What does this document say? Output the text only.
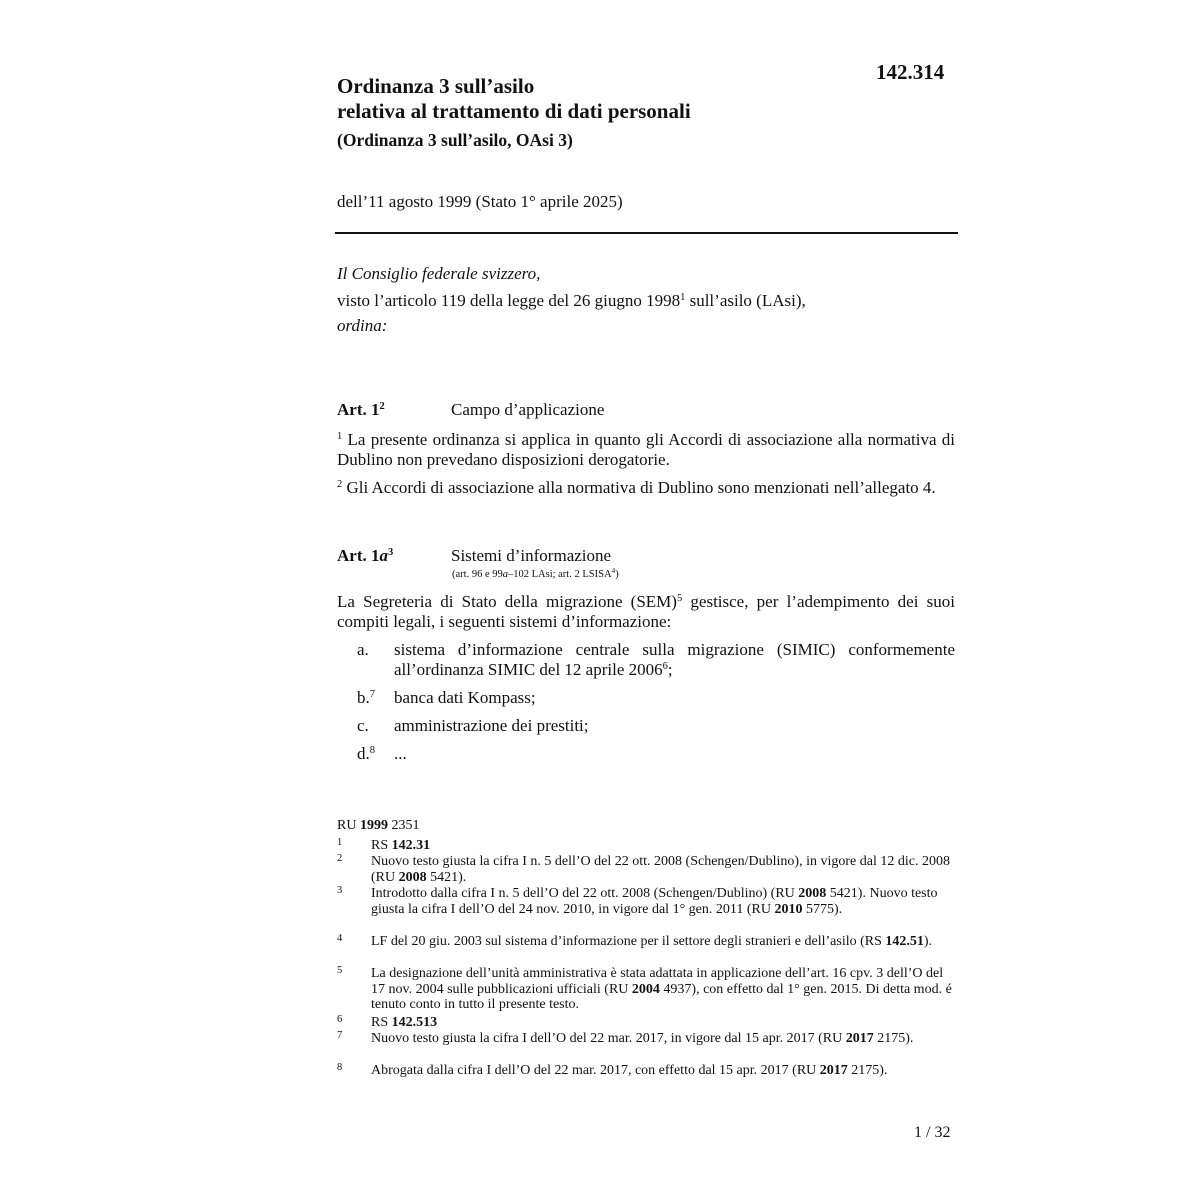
142.314
Ordinanza 3 sull’asilo
relativa al trattamento di dati personali
(Ordinanza 3 sull’asilo, OAsi 3)
dell’11 agosto 1999 (Stato 1° aprile 2025)
Il Consiglio federale svizzero,
visto l’articolo 119 della legge del 26 giugno 1998$^1$ sull’asilo (LAsi),
ordina:
Art. $1^2$	Campo d’applicazione
$^1$ La presente ordinanza si applica in quanto gli Accordi di associazione alla normativa di Dublino non prevedano disposizioni derogatorie.
$^2$ Gli Accordi di associazione alla normativa di Dublino sono menzionati nell’allegato 4.
Art. $1a^3$	Sistemi d’informazione
(art. 96 e 99a–102 LAsi; art. 2 LSISA$^4$)
La Segreteria di Stato della migrazione (SEM)$^5$ gestisce, per l’adempimento dei suoi compiti legali, i seguenti sistemi d’informazione:
a. sistema d’informazione centrale sulla migrazione (SIMIC) conformemente all’ordinanza SIMIC del 12 aprile 2006$^6$;
b.$^7$ banca dati Kompass;
c. amministrazione dei prestiti;
d.$^8$ ...
RU 1999 2351
1 RS 142.31
2 Nuovo testo giusta la cifra I n. 5 dell’O del 22 ott. 2008 (Schengen/Dublino), in vigore dal 12 dic. 2008 (RU 2008 5421).
3 Introdotto dalla cifra I n. 5 dell’O del 22 ott. 2008 (Schengen/Dublino) (RU 2008 5421). Nuovo testo giusta la cifra I dell’O del 24 nov. 2010, in vigore dal 1° gen. 2011 (RU 2010 5775).
4 LF del 20 giu. 2003 sul sistema d’informazione per il settore degli stranieri e dell’asilo (RS 142.51).
5 La designazione dell’unità amministrativa è stata adattata in applicazione dell’art. 16 cpv. 3 dell’O del 17 nov. 2004 sulle pubblicazioni ufficiali (RU 2004 4937), con effetto dal 1° gen. 2015. Di detta mod. é tenuto conto in tutto il presente testo.
6 RS 142.513
7 Nuovo testo giusta la cifra I dell’O del 22 mar. 2017, in vigore dal 15 apr. 2017 (RU 2017 2175).
8 Abrogata dalla cifra I dell’O del 22 mar. 2017, con effetto dal 15 apr. 2017 (RU 2017 2175).
1 / 32
